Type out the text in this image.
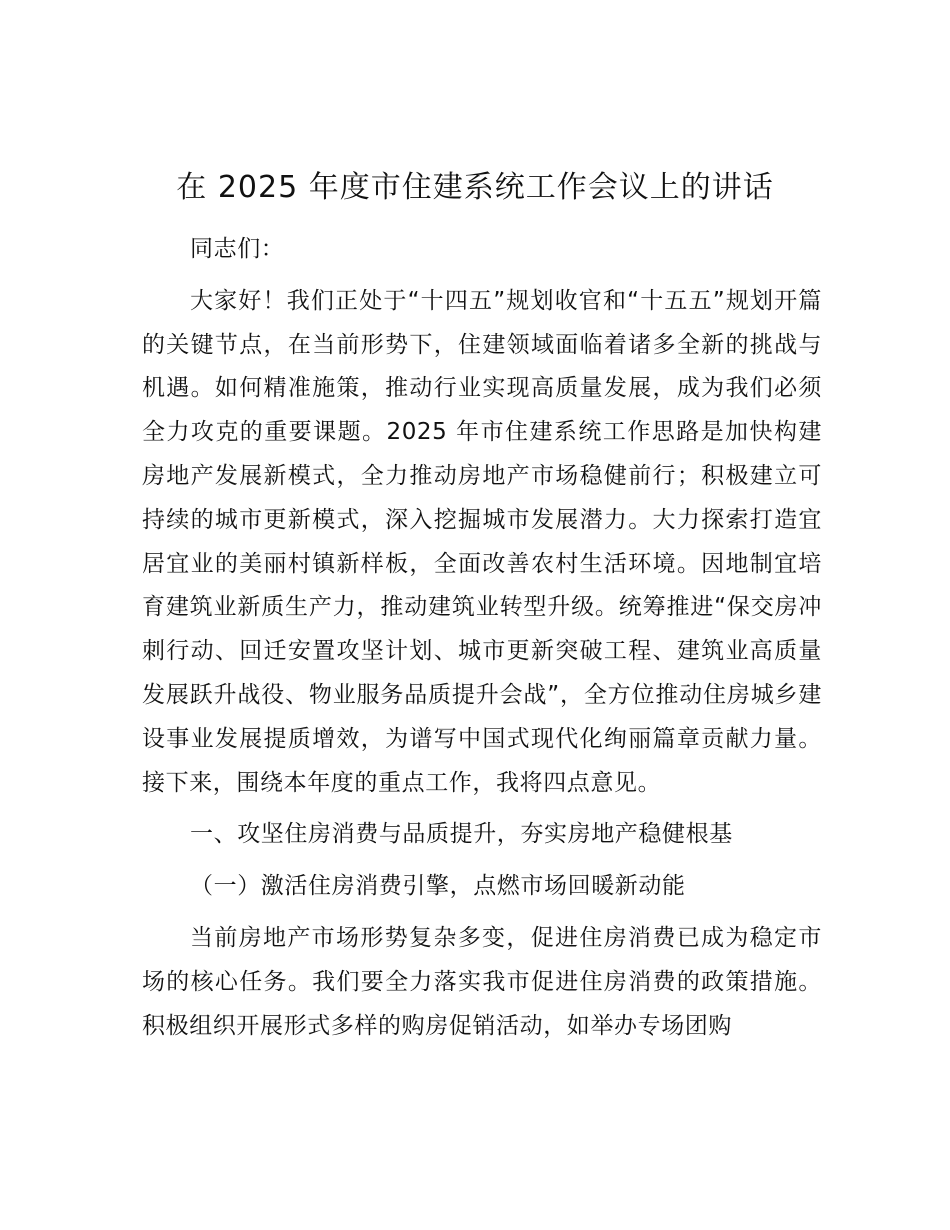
在 2025 年度市住建系统工作会议上的讲话

同志们：

大家好！我们正处于“十四五”规划收官和“十五五”规划开篇的关键节点，在当前形势下，住建领域面临着诸多全新的挑战与机遇。如何精准施策，推动行业实现高质量发展，成为我们必须全力攻克的重要课题。2025 年市住建系统工作思路是加快构建房地产发展新模式，全力推动房地产市场稳健前行；积极建立可持续的城市更新模式，深入挖掘城市发展潜力。大力探索打造宜居宜业的美丽村镇新样板，全面改善农村生活环境。因地制宜培育建筑业新质生产力，推动建筑业转型升级。统筹推进“保交房冲刺行动、回迁安置攻坚计划、城市更新突破工程、建筑业高质量发展跃升战役、物业服务品质提升会战”，全方位推动住房城乡建设事业发展提质增效，为谱写中国式现代化绚丽篇章贡献力量。接下来，围绕本年度的重点工作，我将四点意见。

一、攻坚住房消费与品质提升，夯实房地产稳健根基

（一）激活住房消费引擎，点燃市场回暖新动能

当前房地产市场形势复杂多变，促进住房消费已成为稳定市场的核心任务。我们要全力落实我市促进住房消费的政策措施。积极组织开展形式多样的购房促销活动，如举办专场团购
